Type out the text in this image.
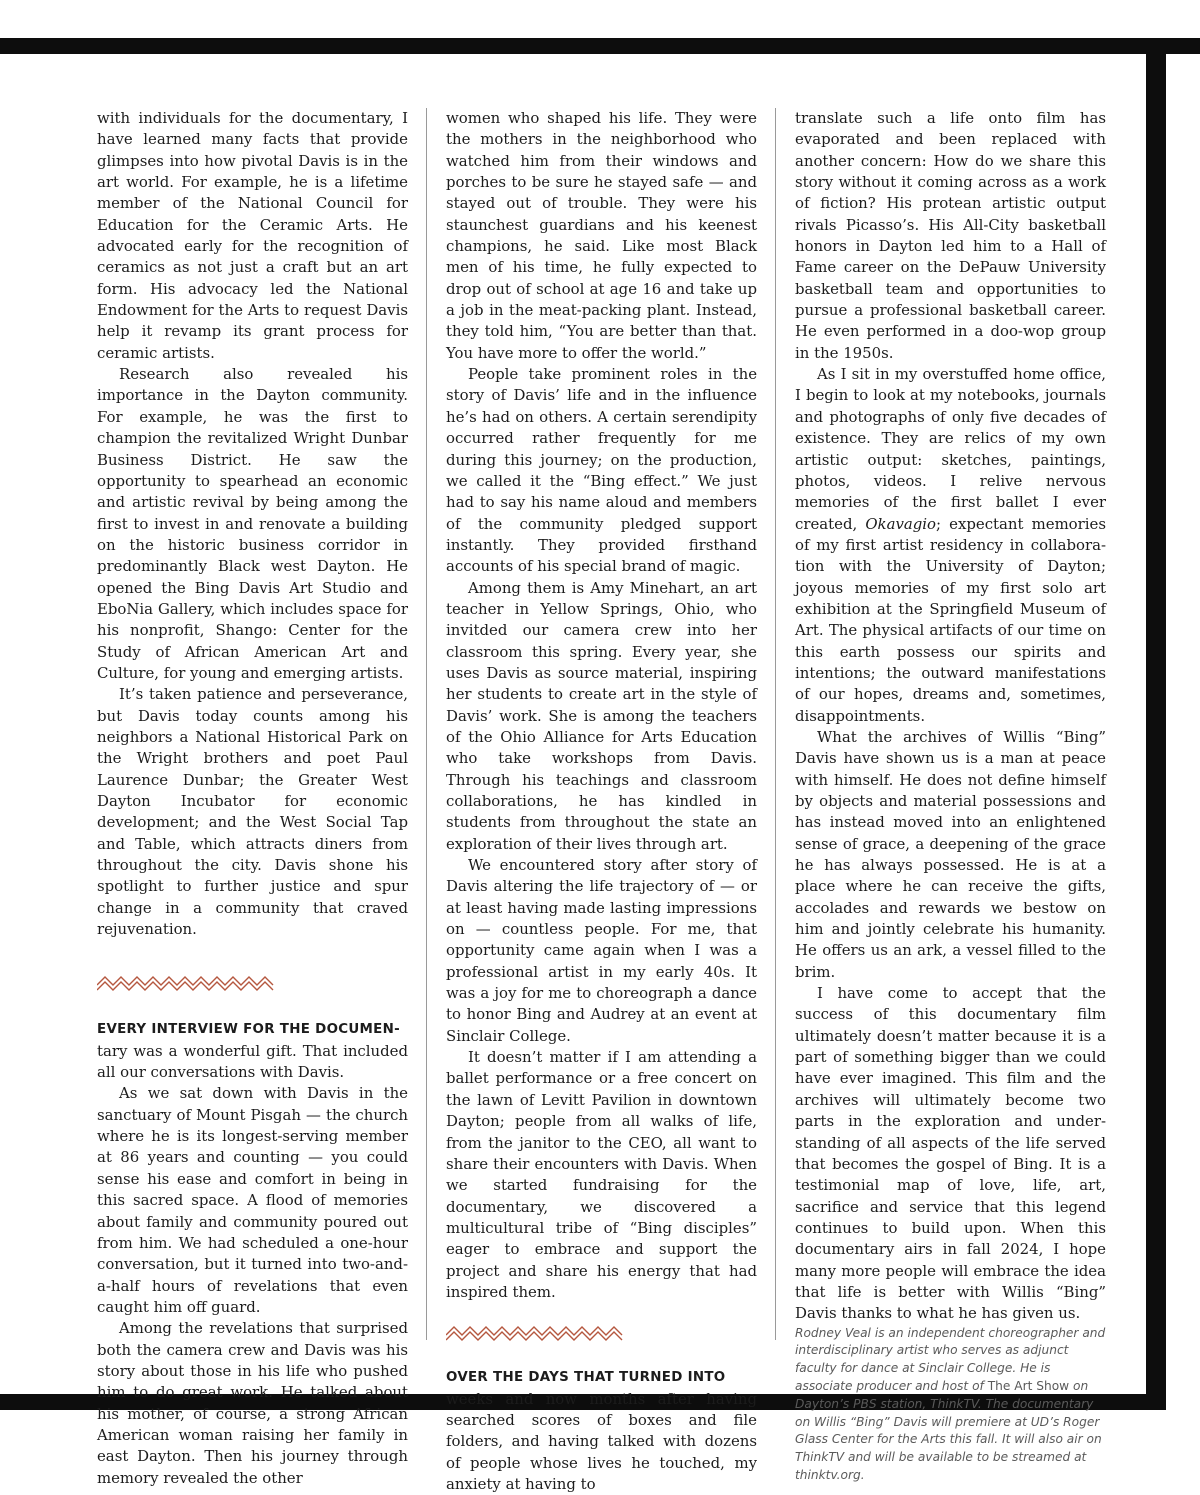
with individuals for the documentary, I have learned many facts that provide glimpses into how pivotal Davis is in the art world. For example, he is a lifetime member of the National Council for Education for the Ceramic Arts. He advocated early for the recognition of ceramics as not just a craft but an art form. His advocacy led the National Endowment for the Arts to request Davis help it revamp its grant process for ceramic artists.

Research also revealed his importance in the Dayton community. For example, he was the first to champion the revitalized Wright Dunbar Business District. He saw the opportunity to spearhead an economic and artistic revival by being among the first to invest in and renovate a building on the historic business corridor in predominantly Black west Dayton. He opened the Bing Davis Art Studio and EboNia Gallery, which includes space for his nonprofit, Shango: Center for the Study of African American Art and Culture, for young and emerging artists.

It’s taken patience and perseverance, but Davis today counts among his neighbors a National Historical Park on the Wright brothers and poet Paul Laurence Dunbar; the Greater West Dayton Incubator for economic development; and the West Social Tap and Table, which attracts diners from throughout the city. Davis shone his spotlight to further justice and spur change in a community that craved rejuvenation.

EVERY INTERVIEW FOR THE DOCUMEN-
tary was a wonderful gift. That included all our conversations with Davis.

As we sat down with Davis in the sanctuary of Mount Pisgah — the church where he is its longest-serving member at 86 years and counting — you could sense his ease and comfort in being in this sacred space. A flood of memories about family and community poured out from him. We had scheduled a one-hour conversation, but it turned into two-and-a-half hours of revelations that even caught him off guard.

Among the revelations that surprised both the camera crew and Davis was his story about those in his life who pushed him to do great work. He talked about his mother, of course, a strong African American woman raising her family in east Dayton. Then his journey through memory revealed the other

women who shaped his life. They were the mothers in the neighborhood who watched him from their windows and porches to be sure he stayed safe — and stayed out of trouble. They were his staunchest guardians and his keenest champions, he said. Like most Black men of his time, he fully expected to drop out of school at age 16 and take up a job in the meat-packing plant. Instead, they told him, “You are better than that. You have more to offer the world.”

People take prominent roles in the story of Davis’ life and in the influence he’s had on others. A certain serendipity occurred rather frequently for me during this journey; on the production, we called it the “Bing effect.” We just had to say his name aloud and members of the community pledged support instantly. They provided firsthand accounts of his special brand of magic.

Among them is Amy Minehart, an art teacher in Yellow Springs, Ohio, who invitded our camera crew into her classroom this spring. Every year, she uses Davis as source material, inspiring her students to create art in the style of Davis’ work. She is among the teachers of the Ohio Alliance for Arts Education who take workshops from Davis. Through his teachings and classroom collaborations, he has kindled in students from throughout the state an exploration of their lives through art.

We encountered story after story of Davis altering the life trajectory of — or at least having made lasting impressions on — countless people. For me, that opportunity came again when I was a professional artist in my early 40s. It was a joy for me to choreograph a dance to honor Bing and Audrey at an event at Sinclair College.

It doesn’t matter if I am attending a ballet performance or a free concert on the lawn of Levitt Pavilion in downtown Dayton; people from all walks of life, from the janitor to the CEO, all want to share their encounters with Davis. When we started fundraising for the documentary, we discovered a multicultural tribe of “Bing disciples” eager to embrace and support the project and share his energy that had inspired them.

OVER THE DAYS THAT TURNED INTO
weeks and now months after having searched scores of boxes and file folders, and having talked with dozens of people whose lives he touched, my anxiety at having to

translate such a life onto film has evaporated and been replaced with another concern: How do we share this story without it coming across as a work of fiction? His protean artistic output rivals Picasso’s. His All-City basketball honors in Dayton led him to a Hall of Fame career on the DePauw University basketball team and opportunities to pursue a professional basketball career. He even performed in a doo-wop group in the 1950s.

As I sit in my overstuffed home office, I begin to look at my notebooks, journals and photographs of only five decades of existence. They are relics of my own artistic output: sketches, paintings, photos, videos. I relive nervous memories of the first ballet I ever created, Okavagio; expectant memories of my first artist residency in collaboration with the University of Dayton; joyous memories of my first solo art exhibition at the Springfield Museum of Art. The physical artifacts of our time on this earth possess our spirits and intentions; the outward manifestations of our hopes, dreams and, sometimes, disappointments.

What the archives of Willis “Bing” Davis have shown us is a man at peace with himself. He does not define himself by objects and material possessions and has instead moved into an enlightened sense of grace, a deepening of the grace he has always possessed. He is at a place where he can receive the gifts, accolades and rewards we bestow on him and jointly celebrate his humanity. He offers us an ark, a vessel filled to the brim.

I have come to accept that the success of this documentary film ultimately doesn’t matter because it is a part of something bigger than we could have ever imagined. This film and the archives will ultimately become two parts in the exploration and understanding of all aspects of the life served that becomes the gospel of Bing. It is a testimonial map of love, life, art, sacrifice and service that this legend continues to build upon. When this documentary airs in fall 2024, I hope many more people will embrace the idea that life is better with Willis “Bing” Davis thanks to what he has given us.

Rodney Veal is an independent choreographer and interdisciplinary artist who serves as adjunct faculty for dance at Sinclair College. He is associate producer and host of The Art Show on Dayton’s PBS station, ThinkTV. The documentary on Willis “Bing” Davis will premiere at UD’s Roger Glass Center for the Arts this fall. It will also air on ThinkTV and will be available to be streamed at thinktv.org.
